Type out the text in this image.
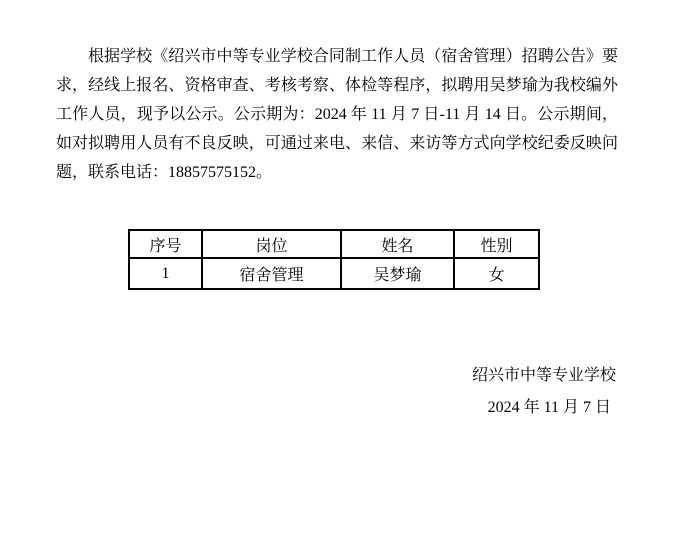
根据学校《绍兴市中等专业学校合同制工作人员（宿舍管理）招聘公告》要
求，经线上报名、资格审查、考核考察、体检等程序，拟聘用吴梦瑜为我校编外
工作人员，现予以公示。公示期为：2024 年 11 月 7 日-11 月 14 日。公示期间，
如对拟聘用人员有不良反映，可通过来电、来信、来访等方式向学校纪委反映问
题，联系电话：18857575152。
序号	岗位	姓名	性别
1	宿舍管理	吴梦瑜	女
绍兴市中等专业学校
2024 年 11 月 7 日
